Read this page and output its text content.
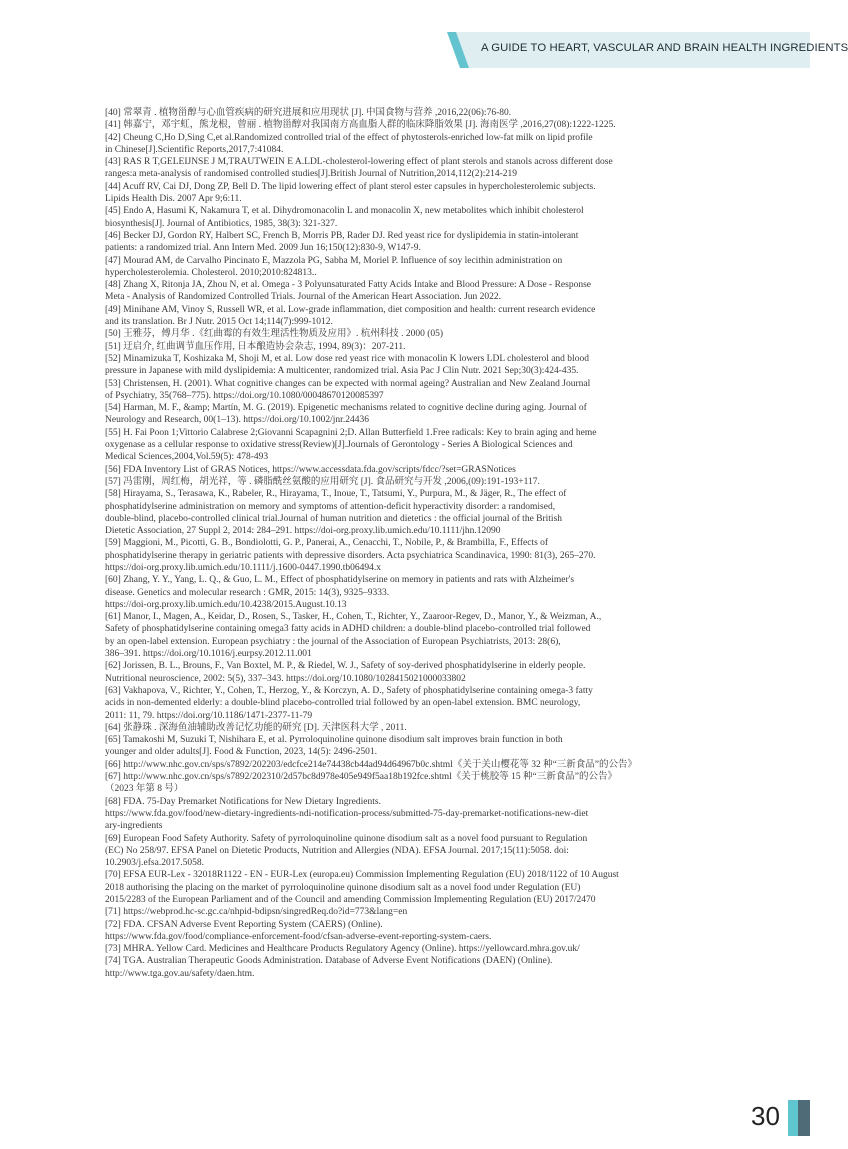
A GUIDE TO HEART, VASCULAR AND BRAIN HEALTH INGREDIENTS

[40] 常翠青 . 植物甾醇与心血管疾病的研究进展和应用现状 [J]. 中国食物与营养 ,2016,22(06):76-80.

[41] 韩嘉宁，邓宇虹，熊龙根，曾丽 . 植物甾醇对我国南方高血脂人群的临床降脂效果 [J]. 海南医学 ,2016,27(08):1222-1225.

[42] Cheung C,Ho D,Sing C,et al.Randomized controlled trial of the effect of phytosterols-enriched low-fat milk on lipid profile
in Chinese[J].Scientific Reports,2017,7:41084.

[43] RAS R T,GELEIJNSE J M,TRAUTWEIN E A.LDL-cholesterol-lowering effect of plant sterols and stanols across different dose
ranges:a meta-analysis of randomised controlled studies[J].British Journal of Nutrition,2014,112(2):214-219

[44] Acuff RV, Cai DJ, Dong ZP, Bell D. The lipid lowering effect of plant sterol ester capsules in hypercholesterolemic subjects.
Lipids Health Dis. 2007 Apr 9;6:11.

[45] Endo A, Hasumi K, Nakamura T, et al. Dihydromonacolin L and monacolin X, new metabolites which inhibit cholesterol
biosynthesis[J]. Journal of Antibiotics, 1985, 38(3): 321-327.

[46] Becker DJ, Gordon RY, Halbert SC, French B, Morris PB, Rader DJ. Red yeast rice for dyslipidemia in statin-intolerant
patients: a randomized trial. Ann Intern Med. 2009 Jun 16;150(12):830-9, W147-9.

[47] Mourad AM, de Carvalho Pincinato E, Mazzola PG, Sabha M, Moriel P. Influence of soy lecithin administration on
hypercholesterolemia. Cholesterol. 2010;2010:824813..

[48] Zhang X, Ritonja JA, Zhou N, et al. Omega - 3 Polyunsaturated Fatty Acids Intake and Blood Pressure: A Dose - Response
Meta - Analysis of Randomized Controlled Trials. Journal of the American Heart Association. Jun 2022.

[49] Minihane AM, Vinoy S, Russell WR, et al. Low-grade inflammation, diet composition and health: current research evidence
and its translation. Br J Nutr. 2015 Oct 14;114(7):999-1012.

[50] 王雅芬，傅月华 .《红曲霉的有效生理活性物质及应用》. 杭州科技 . 2000 (05)

[51] 迂启介, 红曲调节血压作用, 日本酿造协会杂志, 1994, 89(3)：207-211.

[52] Minamizuka T, Koshizaka M, Shoji M, et al. Low dose red yeast rice with monacolin K lowers LDL cholesterol and blood
pressure in Japanese with mild dyslipidemia: A multicenter, randomized trial. Asia Pac J Clin Nutr. 2021 Sep;30(3):424-435.

[53] Christensen, H. (2001). What cognitive changes can be expected with normal ageing? Australian and New Zealand Journal
of Psychiatry, 35(768–775). https://doi.org/10.1080/00048670120085397

[54] Harman, M. F., &amp; Martín, M. G. (2019). Epigenetic mechanisms related to cognitive decline during aging. Journal of
Neurology and Research, 00(1–13). https://doi.org/10.1002/jnr.24436

[55] H. Fai Poon 1;Vittorio Calabrese 2;Giovanni Scapagnini 2;D. Allan Butterfield 1.Free radicals: Key to brain aging and heme
oxygenase as a cellular response to oxidative stress(Review)[J].Journals of Gerontology - Series A Biological Sciences and
Medical Sciences,2004,Vol.59(5): 478-493

[56] FDA Inventory List of GRAS Notices, https://www.accessdata.fda.gov/scripts/fdcc/?set=GRASNotices

[57] 冯雷刚，周红梅，胡光祥，等 . 磷脂酰丝氨酸的应用研究 [J]. 食品研究与开发 ,2006,(09):191-193+117.

[58] Hirayama, S., Terasawa, K., Rabeler, R., Hirayama, T., Inoue, T., Tatsumi, Y., Purpura, M., & Jäger, R., The effect of
phosphatidylserine administration on memory and symptoms of attention-deficit hyperactivity disorder: a randomised,
double-blind, placebo-controlled clinical trial.Journal of human nutrition and dietetics : the official journal of the British
Dietetic Association, 27 Suppl 2, 2014: 284–291. https://doi-org.proxy.lib.umich.edu/10.1111/jhn.12090

[59] Maggioni, M., Picotti, G. B., Bondiolotti, G. P., Panerai, A., Cenacchi, T., Nobile, P., & Brambilla, F., Effects of
phosphatidylserine therapy in geriatric patients with depressive disorders. Acta psychiatrica Scandinavica, 1990: 81(3), 265–270.
https://doi-org.proxy.lib.umich.edu/10.1111/j.1600-0447.1990.tb06494.x

[60] Zhang, Y. Y., Yang, L. Q., & Guo, L. M., Effect of phosphatidylserine on memory in patients and rats with Alzheimer's
disease. Genetics and molecular research : GMR, 2015: 14(3), 9325–9333.
https://doi-org.proxy.lib.umich.edu/10.4238/2015.August.10.13

[61] Manor, I., Magen, A., Keidar, D., Rosen, S., Tasker, H., Cohen, T., Richter, Y., Zaaroor-Regev, D., Manor, Y., & Weizman, A.,
Safety of phosphatidylserine containing omega3 fatty acids in ADHD children: a double-blind placebo-controlled trial followed
by an open-label extension. European psychiatry : the journal of the Association of European Psychiatrists, 2013: 28(6),
386–391. https://doi.org/10.1016/j.eurpsy.2012.11.001

[62] Jorissen, B. L., Brouns, F., Van Boxtel, M. P., & Riedel, W. J., Safety of soy-derived phosphatidylserine in elderly people.
Nutritional neuroscience, 2002: 5(5), 337–343. https://doi.org/10.1080/1028415021000033802

[63] Vakhapova, V., Richter, Y., Cohen, T., Herzog, Y., & Korczyn, A. D., Safety of phosphatidylserine containing omega-3 fatty
acids in non-demented elderly: a double-blind placebo-controlled trial followed by an open-label extension. BMC neurology,
2011: 11, 79. https://doi.org/10.1186/1471-2377-11-79

[64] 张静珠 . 深海鱼油辅助改善记忆功能的研究 [D]. 天津医科大学 , 2011.

[65] Tamakoshi M, Suzuki T, Nishihara E, et al. Pyrroloquinoline quinone disodium salt improves brain function in both
younger and older adults[J]. Food & Function, 2023, 14(5): 2496-2501.

[66] http://www.nhc.gov.cn/sps/s7892/202203/edcfce214e74438cb44ad94d64967b0c.shtml《关于关山樱花等 32 种“三新食品”的公告》

[67] http://www.nhc.gov.cn/sps/s7892/202310/2d57bc8d978e405e949f5aa18b192fce.shtml《关于桃胶等 15 种“三新食品”的公告》
（2023 年第 8 号）

[68] FDA. 75-Day Premarket Notifications for New Dietary Ingredients.
https://www.fda.gov/food/new-dietary-ingredients-ndi-notification-process/submitted-75-day-premarket-notifications-new-diet
ary-ingredients

[69] European Food Safety Authority. Safety of pyrroloquinoline quinone disodium salt as a novel food pursuant to Regulation
(EC) No 258/97. EFSA Panel on Dietetic Products, Nutrition and Allergies (NDA). EFSA Journal. 2017;15(11):5058. doi:
10.2903/j.efsa.2017.5058.

[70] EFSA EUR-Lex - 32018R1122 - EN - EUR-Lex (europa.eu) Commission Implementing Regulation (EU) 2018/1122 of 10 August
2018 authorising the placing on the market of pyrroloquinoline quinone disodium salt as a novel food under Regulation (EU)
2015/2283 of the European Parliament and of the Council and amending Commission Implementing Regulation (EU) 2017/2470

[71] https://webprod.hc-sc.gc.ca/nhpid-bdipsn/singredReq.do?id=773&lang=en

[72] FDA. CFSAN Adverse Event Reporting System (CAERS) (Online).
https://www.fda.gov/food/compliance-enforcement-food/cfsan-adverse-event-reporting-system-caers.

[73] MHRA. Yellow Card. Medicines and Healthcare Products Regulatory Agency (Online). https://yellowcard.mhra.gov.uk/

[74] TGA. Australian Therapeutic Goods Administration. Database of Adverse Event Notifications (DAEN) (Online).
http://www.tga.gov.au/safety/daen.htm.

30
